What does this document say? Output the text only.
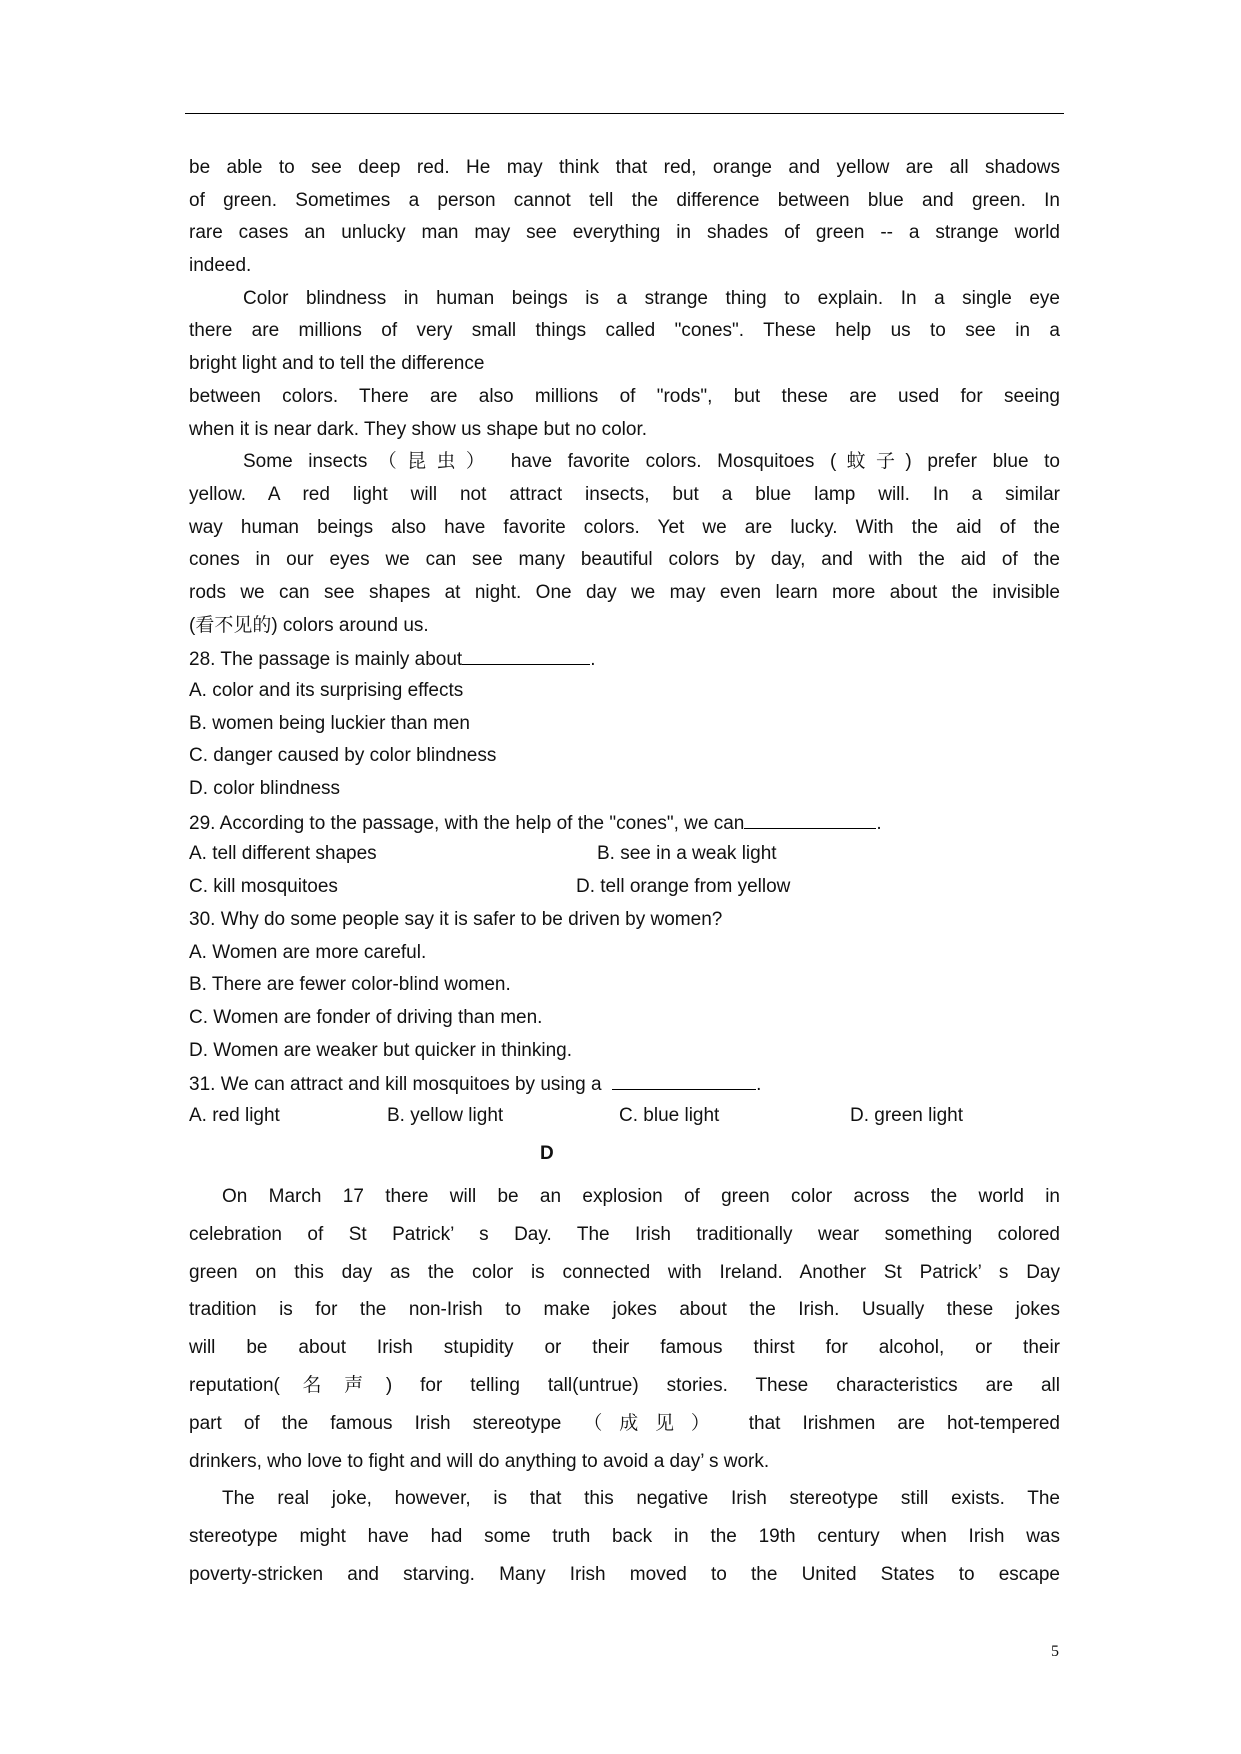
be able to see deep red. He may think that red, orange and yellow are all shadows
of green. Sometimes a person cannot tell the difference between blue and green. In
rare cases an unlucky man may see everything in shades of green -- a strange world
indeed.
Color blindness in human beings is a strange thing to explain. In a single eye
there are millions of very small things called "cones". These help us to see in a
bright light and to tell the difference
between colors. There are also millions of "rods", but these are used for seeing
when it is near dark. They show us shape but no color.
Some insects（昆虫） have favorite colors. Mosquitoes (蚊子) prefer blue to
yellow. A red light will not attract insects, but a blue lamp will. In a similar
way human beings also have favorite colors. Yet we are lucky. With the aid of the
cones in our eyes we can see many beautiful colors by day, and with the aid of the
rods we can see shapes at night. One day we may even learn more about the invisible
(看不见的) colors around us.
28. The passage is mainly about	.
A. color and its surprising effects
B. women being luckier than men
C. danger caused by color blindness
D. color blindness
29. According to the passage, with the help of the "cones", we can	.
A. tell different shapes	B. see in a weak light
C. kill mosquitoes	D. tell orange from yellow
30. Why do some people say it is safer to be driven by women?
A. Women are more careful.
B. There are fewer color-blind women.
C. Women are fonder of driving than men.
D. Women are weaker but quicker in thinking.
31. We can attract and kill mosquitoes by using a	.
A. red light	B. yellow light	C. blue light	D. green light
D
On March 17 there will be an explosion of green color across the world in
celebration of St Patrick’ s Day. The Irish traditionally wear something colored
green on this day as the color is connected with Ireland. Another St Patrick’ s Day
tradition is for the non-Irish to make jokes about the Irish. Usually these jokes
will be about Irish stupidity or their famous thirst for alcohol, or their
reputation(名声) for telling tall(untrue) stories. These characteristics are all
part of the famous Irish stereotype （成见） that Irishmen are hot-tempered
drinkers, who love to fight and will do anything to avoid a day’ s work.
The real joke, however, is that this negative Irish stereotype still exists. The
stereotype might have had some truth back in the 19th century when Irish was
poverty-stricken and starving. Many Irish moved to the United States to escape
5
